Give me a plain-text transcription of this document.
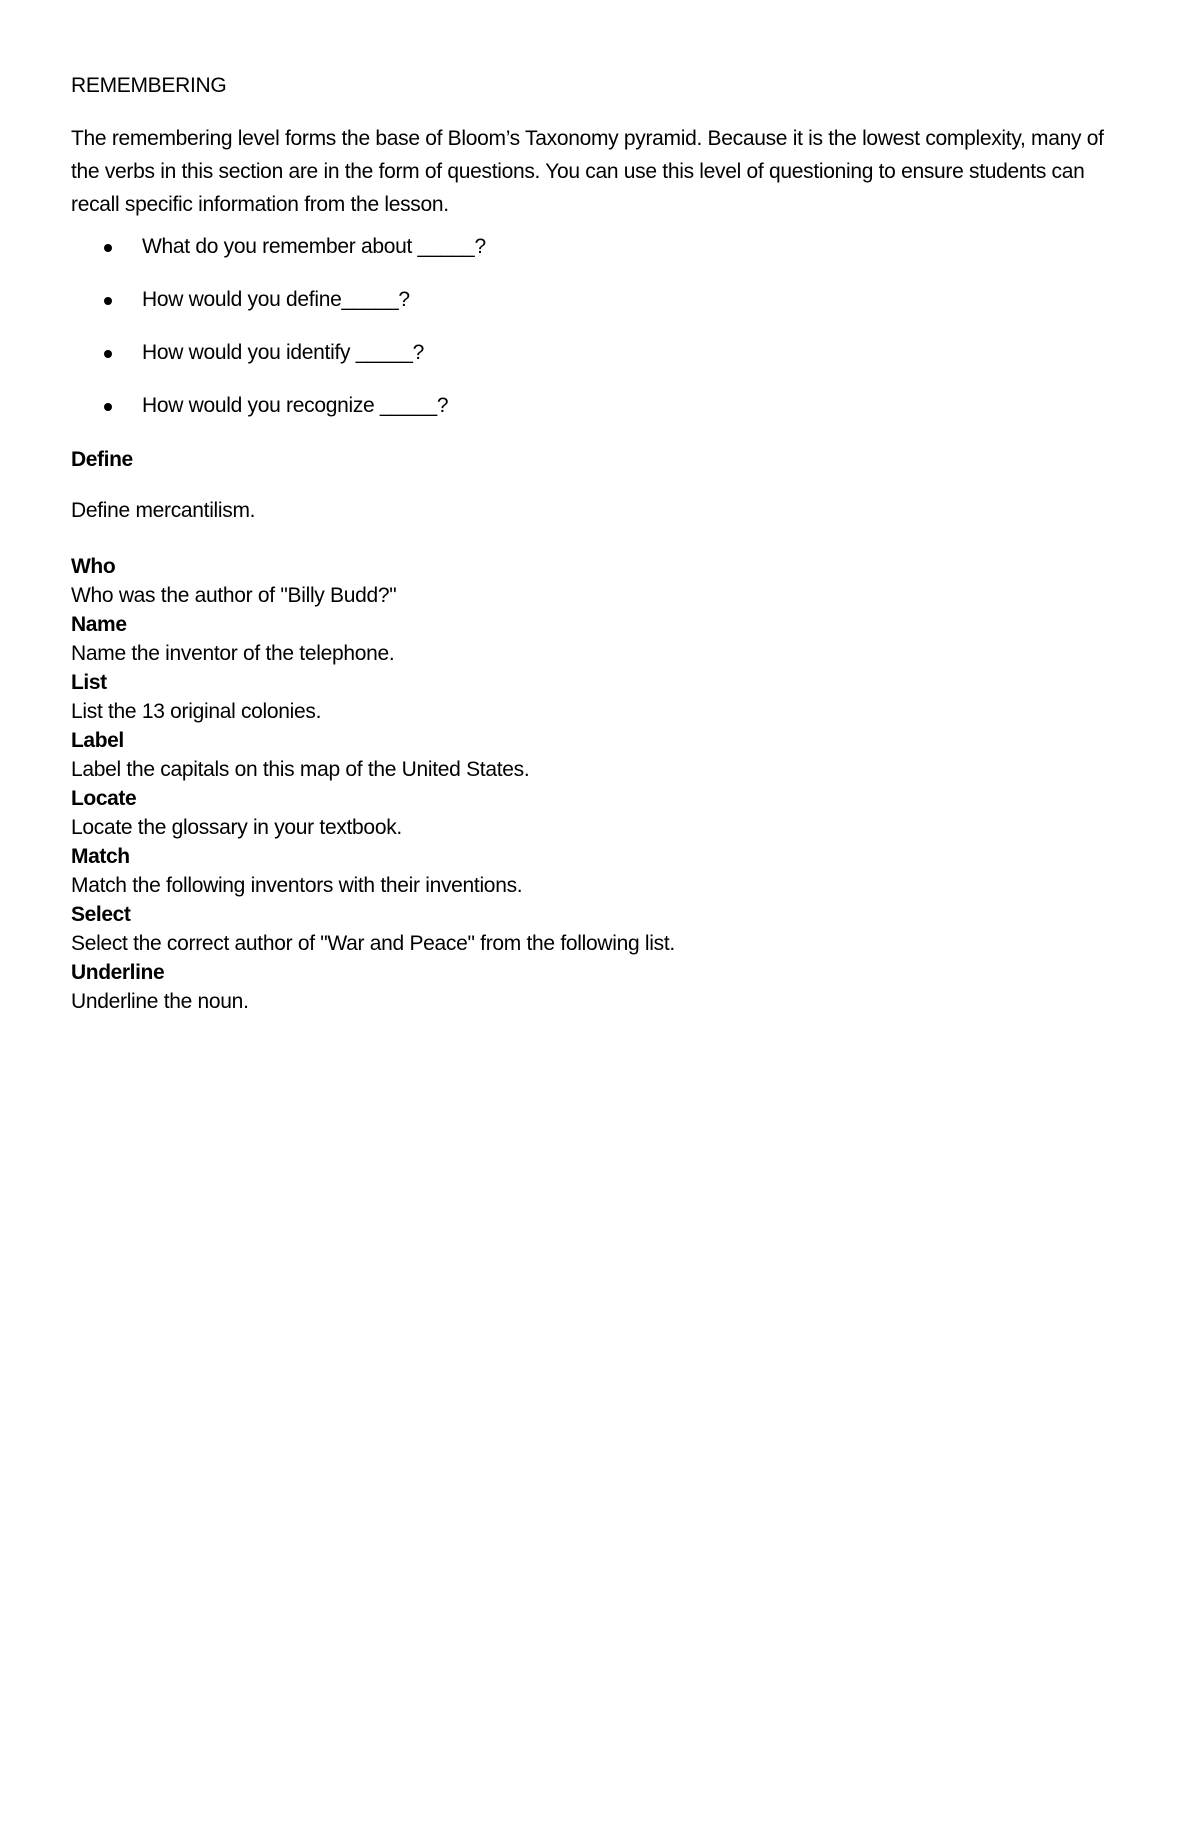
REMEMBERING

The remembering level forms the base of Bloom’s Taxonomy pyramid. Because it is the lowest complexity, many of the verbs in this section are in the form of questions. You can use this level of questioning to ensure students can recall specific information from the lesson.

What do you remember about _____?
How would you define_____?
How would you identify _____?
How would you recognize _____?
Define
Define mercantilism.
Who
Who was the author of "Billy Budd?"
Name
Name the inventor of the telephone.
List
List the 13 original colonies.
Label
Label the capitals on this map of the United States.
Locate
Locate the glossary in your textbook.
Match
Match the following inventors with their inventions.
Select
Select the correct author of "War and Peace" from the following list.
Underline
Underline the noun.
